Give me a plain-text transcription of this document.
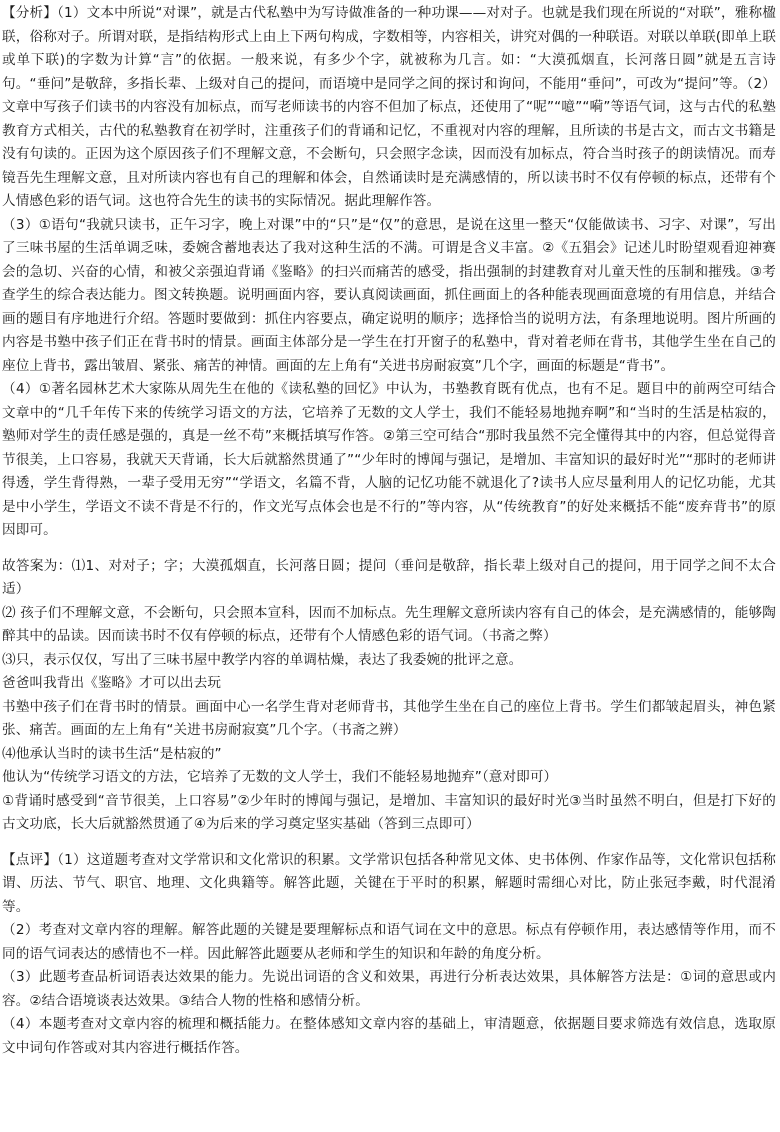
【分析】（1）文本中所说“对课”，就是古代私塾中为写诗做准备的一种功课——对对子。也就是我们现在所说的“对联”，雅称楹联，俗称对子。所谓对联，是指结构形式上由上下两句构成，字数相等，内容相关，讲究对偶的一种联语。对联以单联(即单上联或单下联)的字数为计算“言”的依据。一般来说，有多少个字，就被称为几言。如：“大漠孤烟直，长河落日圆”就是五言诗句。“垂问”是敬辞，多指长辈、上级对自己的提问，而语境中是同学之间的探讨和询问，不能用“垂问”，可改为“提问”等。（2）文章中写孩子们读书的内容没有加标点，而写老师读书的内容不但加了标点，还使用了“呢”“噫”“嗬”等语气词，这与古代的私塾教育方式相关，古代的私塾教育在初学时，注重孩子们的背诵和记忆，不重视对内容的理解，且所读的书是古文，而古文书籍是没有句读的。正因为这个原因孩子们不理解文意，不会断句，只会照字念读，因而没有加标点，符合当时孩子的朗读情况。而寿镜吾先生理解文意，且对所读内容也有自己的理解和体会，自然诵读时是充满感情的，所以读书时不仅有停顿的标点，还带有个人情感色彩的语气词。这也符合先生的读书的实际情况。据此理解作答。

（3）①语句“我就只读书，正午习字，晚上对课”中的“只”是“仅”的意思，是说在这里一整天“仅能做读书、习字、对课”，写出了三味书屋的生活单调乏味，委婉含蓄地表达了我对这种生活的不满。可谓是含义丰富。②《五猖会》记述儿时盼望观看迎神赛会的急切、兴奋的心情，和被父亲强迫背诵《鉴略》的扫兴而痛苦的感受，指出强制的封建教育对儿童天性的压制和摧残。③考查学生的综合表达能力。图文转换题。说明画面内容，要认真阅读画面，抓住画面上的各种能表现画面意境的有用信息，并结合画的题目有序地进行介绍。答题时要做到：抓住内容要点，确定说明的顺序；选择恰当的说明方法，有条理地说明。图片所画的内容是书塾中孩子们正在背书时的情景。画面主体部分是一学生在打开窗子的私塾中，背对着老师在背书，其他学生坐在自己的座位上背书，露出皱眉、紧张、痛苦的神情。画面的左上角有“关进书房耐寂寞”几个字，画面的标题是“背书”。

（4）①著名园林艺术大家陈从周先生在他的《读私塾的回忆》中认为，书塾教育既有优点，也有不足。题目中的前两空可结合文章中的“几千年传下来的传统学习语文的方法，它培养了无数的文人学士，我们不能轻易地抛弃啊”和“当时的生活是枯寂的，塾师对学生的责任感是强的，真是一丝不苟”来概括填写作答。②第三空可结合“那时我虽然不完全懂得其中的内容，但总觉得音节很美，上口容易，我就天天背诵，长大后就豁然贯通了”“少年时的博闻与强记，是增加、丰富知识的最好时光”“那时的老师讲得透，学生背得熟，一辈子受用无穷”“学语文，名篇不背，人脑的记忆功能不就退化了?读书人应尽量利用人的记忆功能，尤其是中小学生，学语文不读不背是不行的，作文光写点体会也是不行的”等内容，从“传统教育”的好处来概括不能“废弃背书”的原因即可。

故答案为：⑴1、对对子；字；大漠孤烟直，长河落日圆；提问（垂问是敬辞，指长辈上级对自己的提问，用于同学之间不太合适）

⑵ 孩子们不理解文意，不会断句，只会照本宣科，因而不加标点。先生理解文意所读内容有自己的体会，是充满感情的，能够陶醉其中的品读。因而读书时不仅有停顿的标点，还带有个人情感色彩的语气词。（书斋之弊）

⑶只，表示仅仅，写出了三味书屋中教学内容的单调枯燥，表达了我委婉的批评之意。

爸爸叫我背出《鉴略》才可以出去玩

书塾中孩子们在背书时的情景。画面中心一名学生背对老师背书，其他学生坐在自己的座位上背书。学生们都皱起眉头，神色紧张、痛苦。画面的左上角有“关进书房耐寂寞”几个字。（书斋之辨）

⑷他承认当时的读书生活“是枯寂的”

他认为“传统学习语文的方法，它培养了无数的文人学士，我们不能轻易地抛弃”（意对即可）

①背诵时感受到“音节很美，上口容易”②少年时的博闻与强记，是增加、丰富知识的最好时光③当时虽然不明白，但是打下好的古文功底，长大后就豁然贯通了④为后来的学习奠定坚实基础（答到三点即可）

【点评】（1）这道题考查对文学常识和文化常识的积累。文学常识包括各种常见文体、史书体例、作家作品等，文化常识包括称谓、历法、节气、职官、地理、文化典籍等。解答此题，关键在于平时的积累，解题时需细心对比，防止张冠李戴，时代混淆等。

（2）考查对文章内容的理解。解答此题的关键是要理解标点和语气词在文中的意思。标点有停顿作用，表达感情等作用，而不同的语气词表达的感情也不一样。因此解答此题要从老师和学生的知识和年龄的角度分析。

（3）此题考查品析词语表达效果的能力。先说出词语的含义和效果，再进行分析表达效果，具体解答方法是：①词的意思或内容。②结合语境谈表达效果。③结合人物的性格和感情分析。

（4）本题考查对文章内容的梳理和概括能力。在整体感知文章内容的基础上，审清题意，依据题目要求筛选有效信息，选取原文中词句作答或对其内容进行概括作答。
